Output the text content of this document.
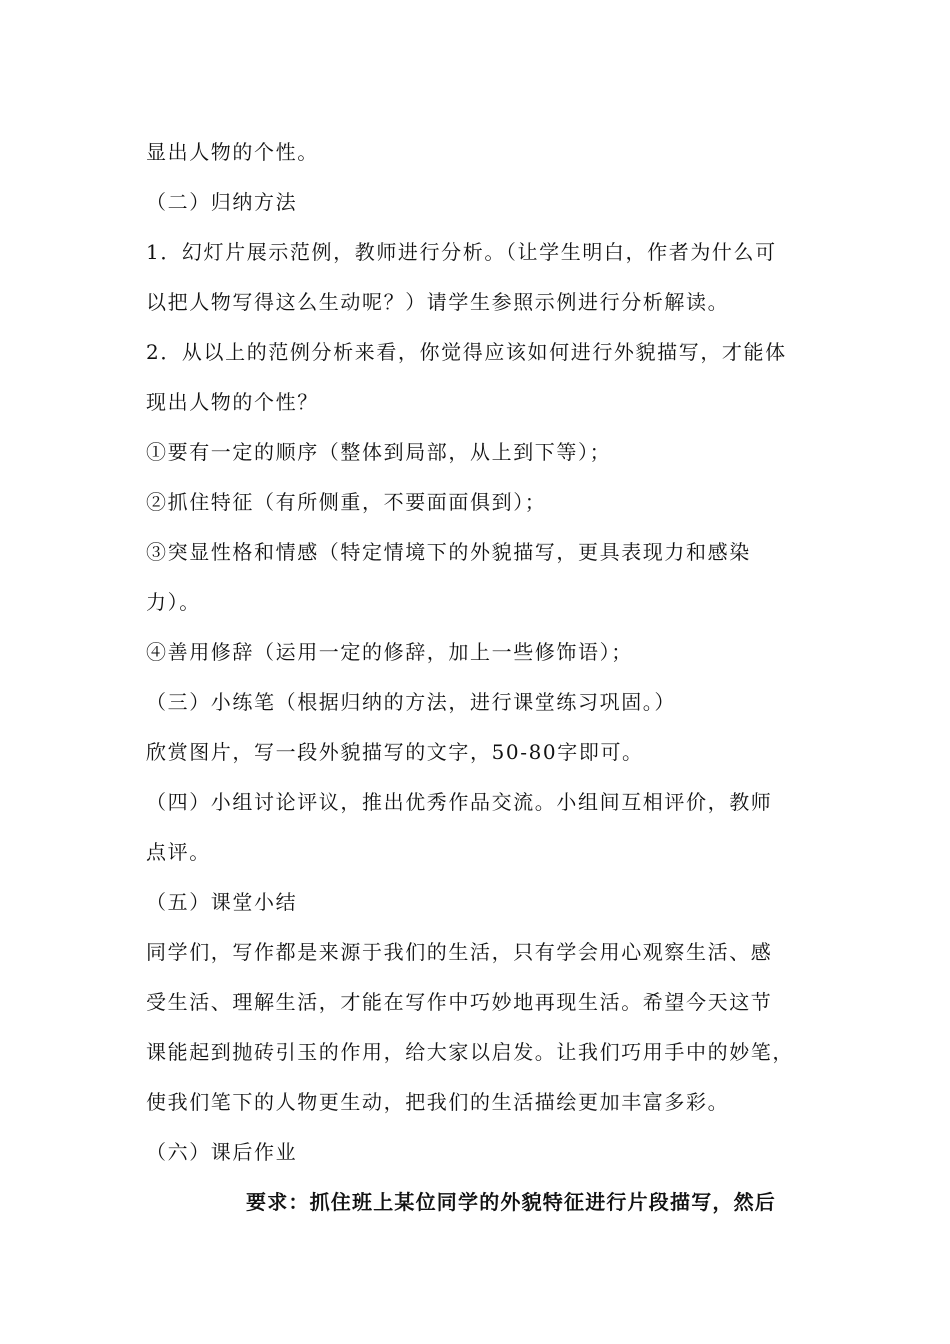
显出人物的个性。
（二）归纳方法
1．幻灯片展示范例，教师进行分析。（让学生明白，作者为什么可
以把人物写得这么生动呢？）请学生参照示例进行分析解读。
2．从以上的范例分析来看，你觉得应该如何进行外貌描写，才能体
现出人物的个性？
①要有一定的顺序（整体到局部，从上到下等）；
②抓住特征（有所侧重，不要面面俱到）；
③突显性格和情感（特定情境下的外貌描写，更具表现力和感染
力）。
④善用修辞（运用一定的修辞，加上一些修饰语）；
（三）小练笔（根据归纳的方法，进行课堂练习巩固。）
欣赏图片，写一段外貌描写的文字，50-80字即可。
（四）小组讨论评议，推出优秀作品交流。小组间互相评价，教师
点评。
（五）课堂小结
同学们，写作都是来源于我们的生活，只有学会用心观察生活、感
受生活、理解生活，才能在写作中巧妙地再现生活。希望今天这节
课能起到抛砖引玉的作用，给大家以启发。让我们巧用手中的妙笔，
使我们笔下的人物更生动，把我们的生活描绘更加丰富多彩。
（六）课后作业
要求：抓住班上某位同学的外貌特征进行片段描写，然后
